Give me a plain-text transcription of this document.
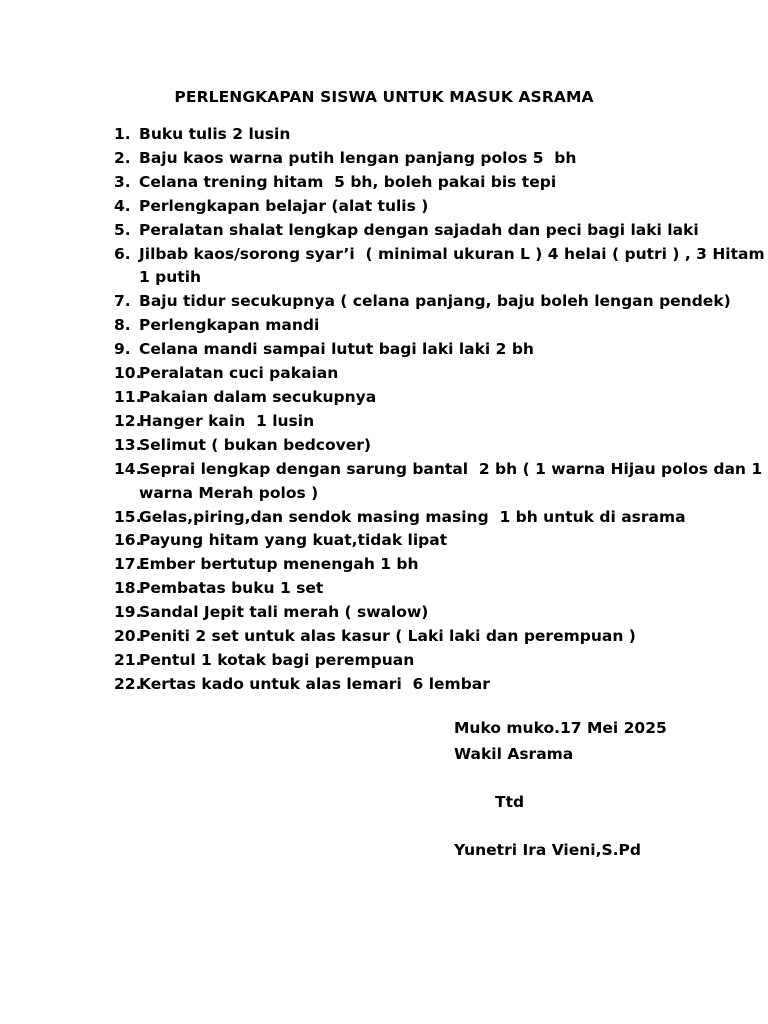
PERLENGKAPAN SISWA UNTUK MASUK ASRAMA
1. Buku tulis 2 lusin
2. Baju kaos warna putih lengan panjang polos 5  bh
3. Celana trening hitam  5 bh, boleh pakai bis tepi
4. Perlengkapan belajar (alat tulis )
5. Peralatan shalat lengkap dengan sajadah dan peci bagi laki laki
6. Jilbab kaos/sorong syar’i  ( minimal ukuran L ) 4 helai ( putri ) , 3 Hitam
1 putih
7. Baju tidur secukupnya ( celana panjang, baju boleh lengan pendek)
8. Perlengkapan mandi
9. Celana mandi sampai lutut bagi laki laki 2 bh
10.
Peralatan cuci pakaian
11.
Pakaian dalam secukupnya
12.
Hanger kain  1 lusin
13.
Selimut ( bukan bedcover)
14.
Seprai lengkap dengan sarung bantal  2 bh ( 1 warna Hijau polos dan 1
warna Merah polos )
15.
Gelas,piring,dan sendok masing masing  1 bh untuk di asrama
16.
Payung hitam yang kuat,tidak lipat
17.
Ember bertutup menengah 1 bh
18.
Pembatas buku 1 set
19.
Sandal Jepit tali merah ( swalow)
20.
Peniti 2 set untuk alas kasur ( Laki laki dan perempuan )
21.
Pentul 1 kotak bagi perempuan
22.
Kertas kado untuk alas lemari  6 lembar
Muko muko.17 Mei 2025
Wakil Asrama
Ttd
Yunetri Ira Vieni,S.Pd
